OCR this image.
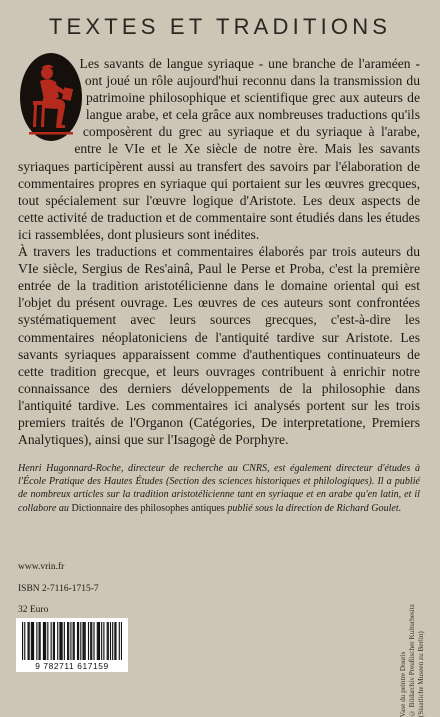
TEXTES ET TRADITIONS

Les savants de langue syriaque - une branche de l'araméen - ont joué un rôle aujourd'hui reconnu dans la transmission du patrimoine philosophique et scientifique grec aux auteurs de langue arabe, et cela grâce aux nombreuses traductions qu'ils composèrent du grec au syriaque et du syriaque à l'arabe, entre le VIe et le Xe siècle de notre ère. Mais les savants syriaques participèrent aussi au transfert des savoirs par l'élaboration de commentaires propres en syriaque qui portaient sur les œuvres grecques, tout spécialement sur l'œuvre logique d'Aristote. Les deux aspects de cette activité de traduction et de commentaire sont étudiés dans les études ici rassemblées, dont plusieurs sont inédites.

À travers les traductions et commentaires élaborés par trois auteurs du VIe siècle, Sergius de Res'ainâ, Paul le Perse et Proba, c'est la première entrée de la tradition aristotélicienne dans le domaine oriental qui est l'objet du présent ouvrage. Les œuvres de ces auteurs sont confrontées systématiquement avec leurs sources grecques, c'est-à-dire les commentaires néoplatoniciens de l'antiquité tardive sur Aristote. Les savants syriaques apparaissent comme d'authentiques continuateurs de cette tradition grecque, et leurs ouvrages contribuent à enrichir notre connaissance des derniers développements de la philosophie dans l'antiquité tardive. Les commentaires ici analysés portent sur les trois premiers traités de l'Organon (Catégories, De interpretatione, Premiers Analytiques), ainsi que sur l'Isagogè de Porphyre.

Henri Hugonnard-Roche, directeur de recherche au CNRS, est également directeur d'études à l'École Pratique des Hautes Études (Section des sciences historiques et philologiques). Il a publié de nombreux articles sur la tradition aristotélicienne tant en syriaque et en arabe qu'en latin, et il collabore au Dictionnaire des philosophes antiques publié sous la direction de Richard Goulet.

www.vrin.fr
ISBN 2-7116-1715-7
32 Euro
9 782711 617159	Vase du peintre Douris © Bildarchiv Preußischer Kulturbesitz (Staatliche Museen zu Berlin)
